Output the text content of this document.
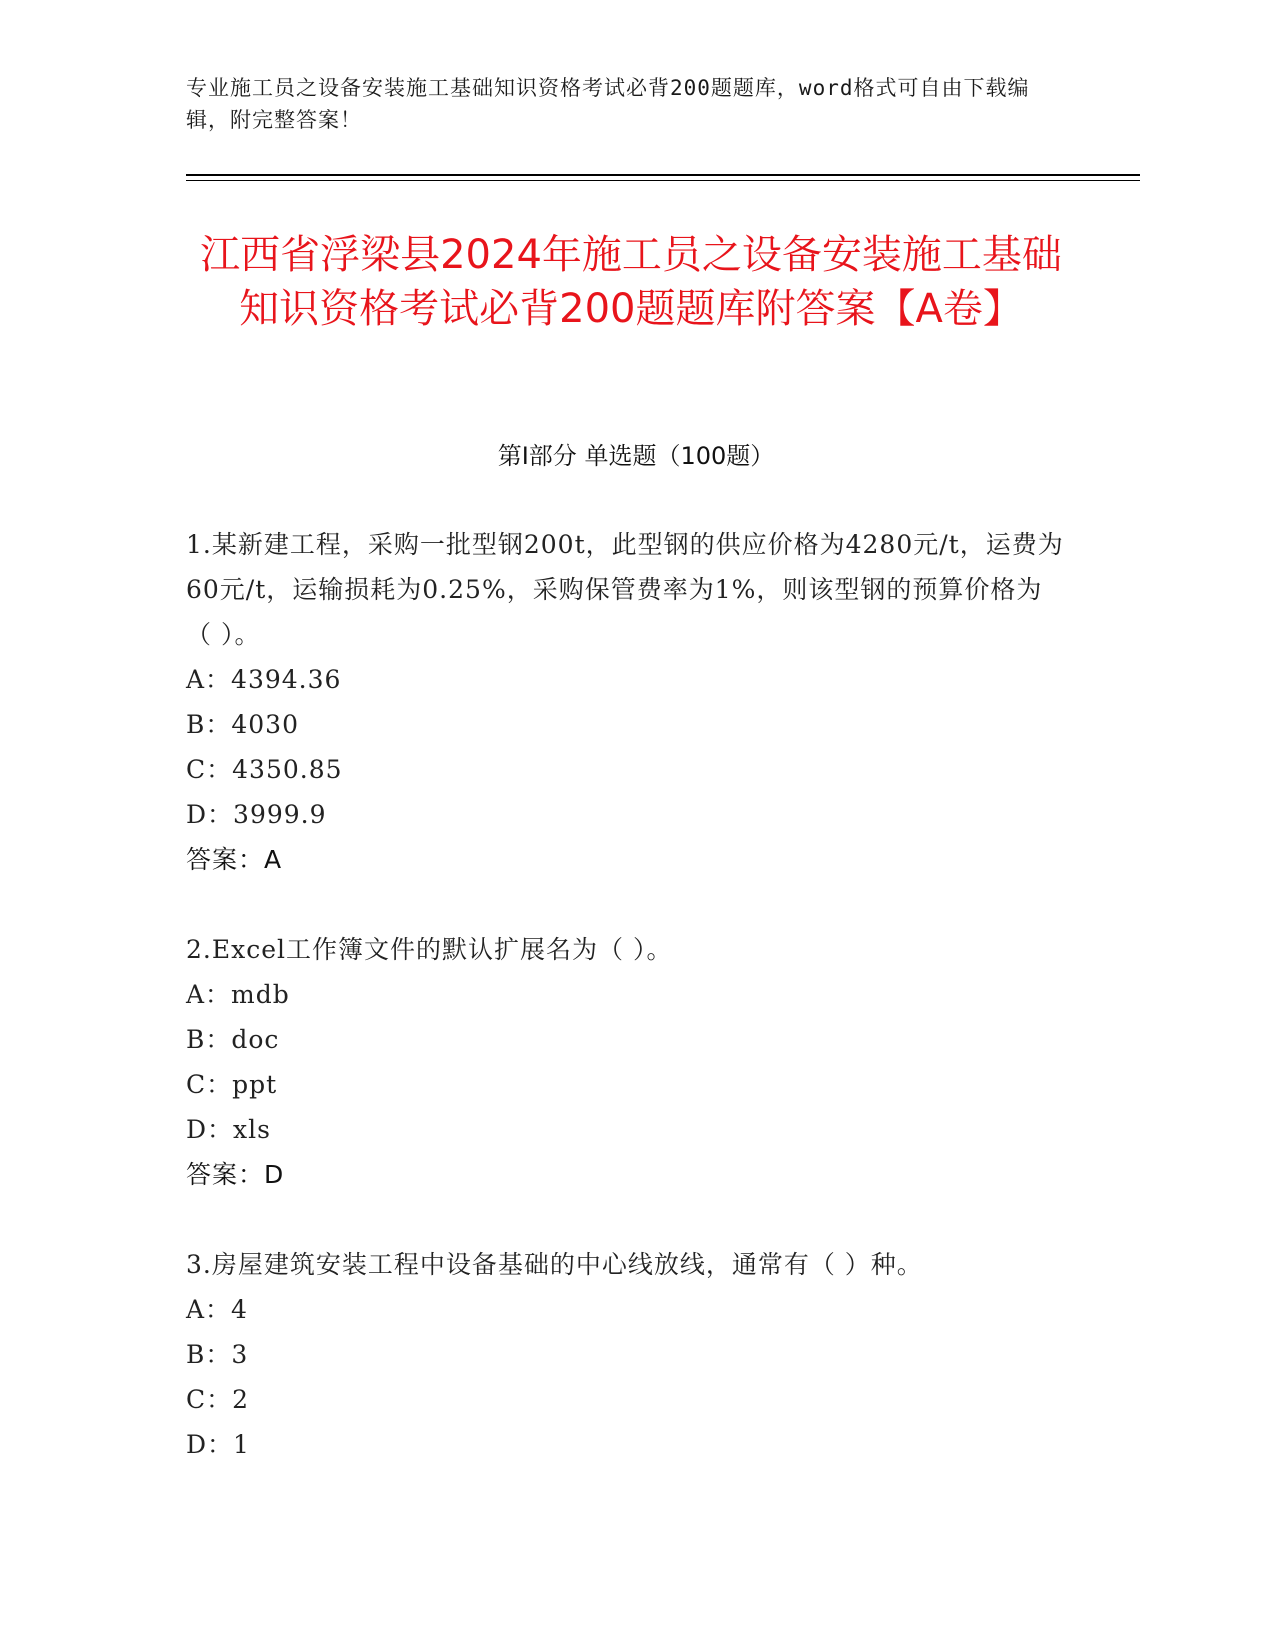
专业施工员之设备安装施工基础知识资格考试必背200题题库，word格式可自由下载编辑，附完整答案！
江西省浮梁县2024年施工员之设备安装施工基础知识资格考试必背200题题库附答案【A卷】
第I部分 单选题（100题）
1.某新建工程，采购一批型钢200t，此型钢的供应价格为4280元/t，运费为60元/t，运输损耗为0.25%，采购保管费率为1%，则该型钢的预算价格为（ ）。
A：4394.36
B：4030
C：4350.85
D：3999.9
答案：A
2.Excel工作簿文件的默认扩展名为（ ）。
A：mdb
B：doc
C：ppt
D：xls
答案：D
3.房屋建筑安装工程中设备基础的中心线放线，通常有（ ）种。
A：4
B：3
C：2
D：1
